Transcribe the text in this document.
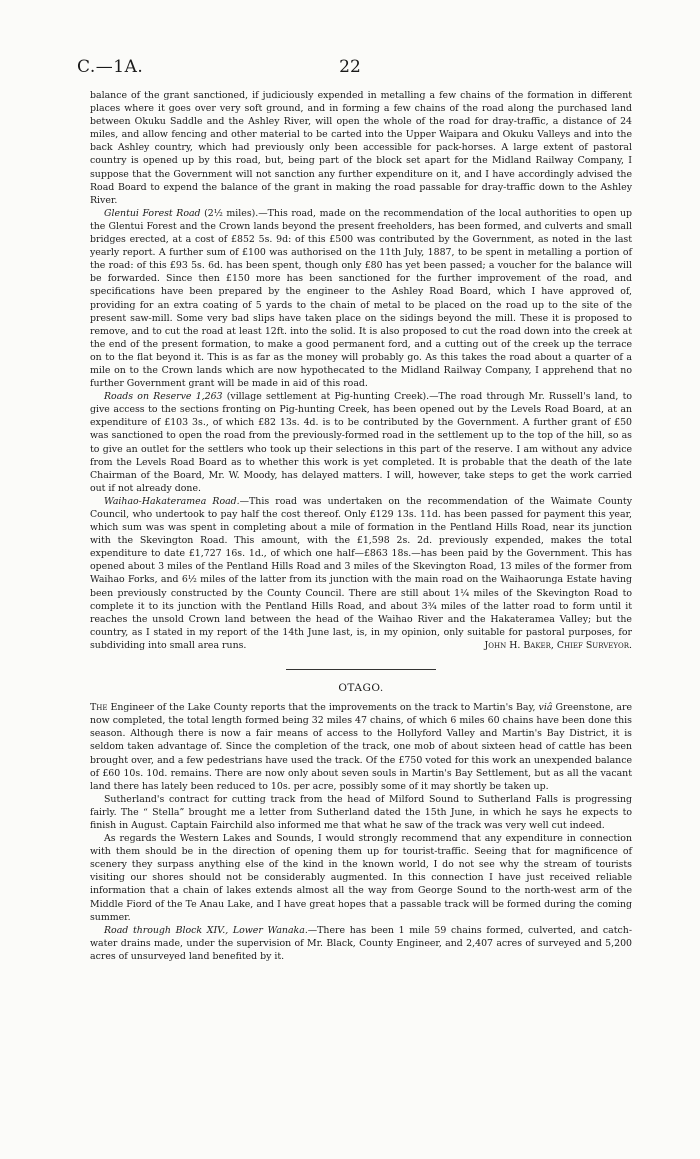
C.—1A.	22

balance of the grant sanctioned, if judiciously expended in metalling a few chains of the formation in different places where it goes over very soft ground, and in forming a few chains of the road along the purchased land between Okuku Saddle and the Ashley River, will open the whole of the road for dray-traffic, a distance of 24 miles, and allow fencing and other material to be carted into the Upper Waipara and Okuku Valleys and into the back Ashley country, which had previously only been accessible for pack-horses. A large extent of pastoral country is opened up by this road, but, being part of the block set apart for the Midland Railway Company, I suppose that the Government will not sanction any further expenditure on it, and I have accordingly advised the Road Board to expend the balance of the grant in making the road passable for dray-traffic down to the Ashley River.

Glentui Forest Road (2½ miles).—This road, made on the recommendation of the local authorities to open up the Glentui Forest and the Crown lands beyond the present freeholders, has been formed, and culverts and small bridges erected, at a cost of £852 5s. 9d: of this £500 was contributed by the Government, as noted in the last yearly report. A further sum of £100 was authorised on the 11th July, 1887, to be spent in metalling a portion of the road: of this £93 5s. 6d. has been spent, though only £80 has yet been passed; a voucher for the balance will be forwarded. Since then £150 more has been sanctioned for the further improvement of the road, and specifications have been prepared by the engineer to the Ashley Road Board, which I have approved of, providing for an extra coating of 5 yards to the chain of metal to be placed on the road up to the site of the present saw-mill. Some very bad slips have taken place on the sidings beyond the mill. These it is proposed to remove, and to cut the road at least 12ft. into the solid. It is also proposed to cut the road down into the creek at the end of the present formation, to make a good permanent ford, and a cutting out of the creek up the terrace on to the flat beyond it. This is as far as the money will probably go. As this takes the road about a quarter of a mile on to the Crown lands which are now hypothecated to the Midland Railway Company, I apprehend that no further Government grant will be made in aid of this road.

Roads on Reserve 1,263 (village settlement at Pig-hunting Creek).—The road through Mr. Russell's land, to give access to the sections fronting on Pig-hunting Creek, has been opened out by the Levels Road Board, at an expenditure of £103 3s., of which £82 13s. 4d. is to be contributed by the Government. A further grant of £50 was sanctioned to open the road from the previously-formed road in the settlement up to the top of the hill, so as to give an outlet for the settlers who took up their selections in this part of the reserve. I am without any advice from the Levels Road Board as to whether this work is yet completed. It is probable that the death of the late Chairman of the Board, Mr. W. Moody, has delayed matters. I will, however, take steps to get the work carried out if not already done.

Waihao-Hakateramea Road.—This road was undertaken on the recommendation of the Waimate County Council, who undertook to pay half the cost thereof. Only £129 13s. 11d. has been passed for payment this year, which sum was was spent in completing about a mile of formation in the Pentland Hills Road, near its junction with the Skevington Road. This amount, with the £1,598 2s. 2d. previously expended, makes the total expenditure to date £1,727 16s. 1d., of which one half—£863 18s.—has been paid by the Government. This has opened about 3 miles of the Pentland Hills Road and 3 miles of the Skevington Road, 13 miles of the former from Waihao Forks, and 6½ miles of the latter from its junction with the main road on the Waihaorunga Estate having been previously constructed by the County Council. There are still about 1¼ miles of the Skevington Road to complete it to its junction with the Pentland Hills Road, and about 3¾ miles of the latter road to form until it reaches the unsold Crown land between the head of the Waihao River and the Hakateramea Valley; but the country, as I stated in my report of the 14th June last, is, in my opinion, only suitable for pastoral purposes, for subdividing into small area runs.	John H. Baker, Chief Surveyor.

OTAGO.

The Engineer of the Lake County reports that the improvements on the track to Martin's Bay, viâ Greenstone, are now completed, the total length formed being 32 miles 47 chains, of which 6 miles 60 chains have been done this season. Although there is now a fair means of access to the Hollyford Valley and Martin's Bay District, it is seldom taken advantage of. Since the completion of the track, one mob of about sixteen head of cattle has been brought over, and a few pedestrians have used the track. Of the £750 voted for this work an unexpended balance of £60 10s. 10d. remains. There are now only about seven souls in Martin's Bay Settlement, but as all the vacant land there has lately been reduced to 10s. per acre, possibly some of it may shortly be taken up.

Sutherland's contract for cutting track from the head of Milford Sound to Sutherland Falls is progressing fairly. The “ Stella” brought me a letter from Sutherland dated the 15th June, in which he says he expects to finish in August. Captain Fairchild also informed me that what he saw of the track was very well cut indeed.

As regards the Western Lakes and Sounds, I would strongly recommend that any expenditure in connection with them should be in the direction of opening them up for tourist-traffic. Seeing that for magnificence of scenery they surpass anything else of the kind in the known world, I do not see why the stream of tourists visiting our shores should not be considerably augmented. In this connection I have just received reliable information that a chain of lakes extends almost all the way from George Sound to the north-west arm of the Middle Fiord of the Te Anau Lake, and I have great hopes that a passable track will be formed during the coming summer.

Road through Block XIV., Lower Wanaka.—There has been 1 mile 59 chains formed, culverted, and catch-water drains made, under the supervision of Mr. Black, County Engineer, and 2,407 acres of surveyed and 5,200 acres of unsurveyed land benefited by it.
